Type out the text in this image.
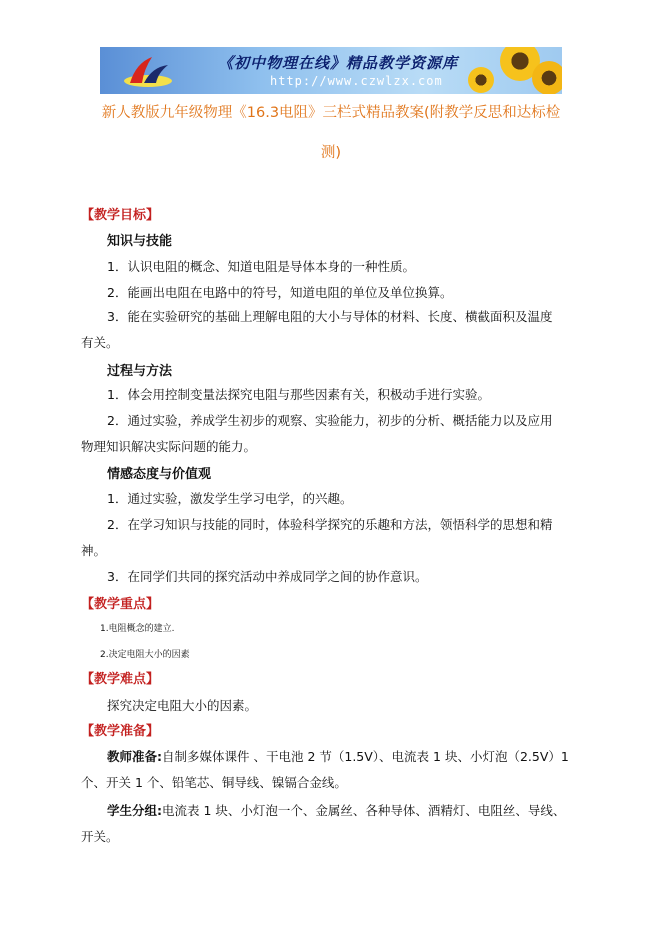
《初中物理在线》精品教学资源库
http://www.czwlzx.com
新人教版九年级物理《16.3电阻》三栏式精品教案(附教学反思和达标检
测)
【教学目标】
知识与技能
1．认识电阻的概念、知道电阻是导体本身的一种性质。
2．能画出电阻在电路中的符号，知道电阻的单位及单位换算。
3．能在实验研究的基础上理解电阻的大小与导体的材料、长度、横截面积及温度
有关。
过程与方法
1．体会用控制变量法探究电阻与那些因素有关，积极动手进行实验。
2．通过实验，养成学生初步的观察、实验能力，初步的分析、概括能力以及应用
物理知识解决实际问题的能力。
情感态度与价值观
1．通过实验，激发学生学习电学，的兴趣。
2．在学习知识与技能的同时，体验科学探究的乐趣和方法，领悟科学的思想和精
神。
3．在同学们共同的探究活动中养成同学之间的协作意识。
【教学重点】
1.电阻概念的建立.
2.决定电阻大小的因素
【教学难点】
探究决定电阻大小的因素。
【教学准备】
教师准备:自制多媒体课件 、干电池 2 节（1.5V）、电流表 1 块、小灯泡（2.5V）1
个、开关 1 个、铅笔芯、铜导线、镍镉合金线。
学生分组:电流表 1 块、小灯泡一个、金属丝、各种导体、酒精灯、电阻丝、导线、
开关。
